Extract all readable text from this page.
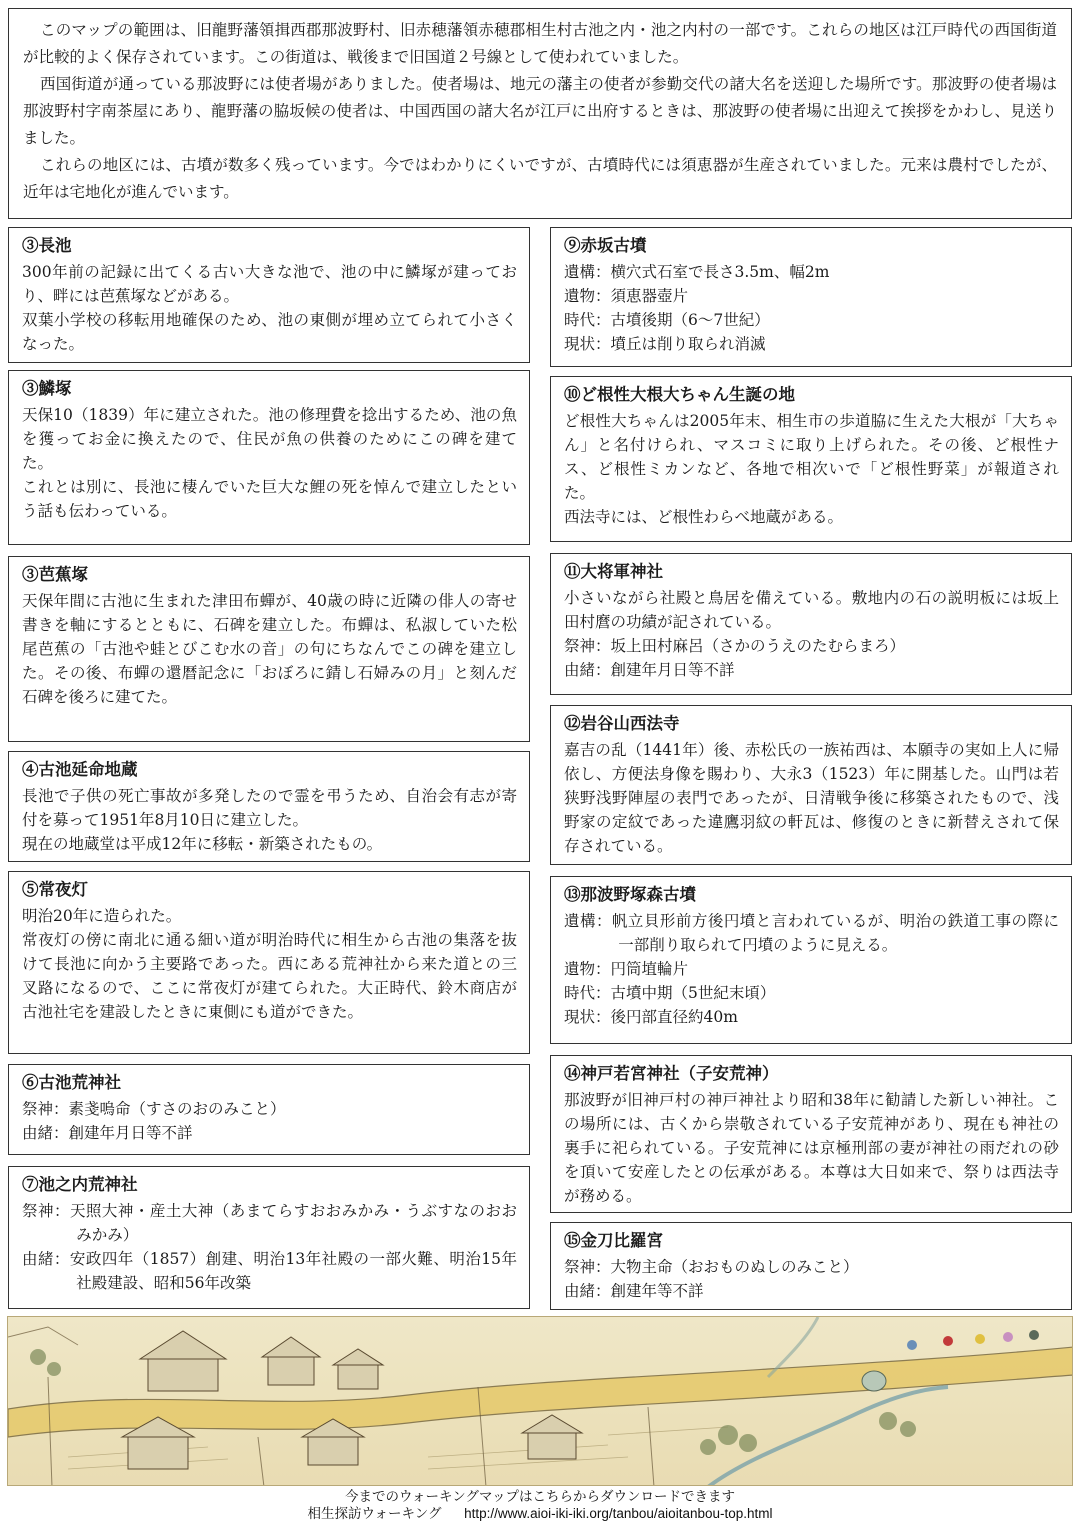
このマップの範囲は、旧龍野藩領揖西郡那波野村、旧赤穂藩領赤穂郡相生村古池之内・池之内村の一部です。これらの地区は江戸時代の西国街道が比較的よく保存されています。この街道は、戦後まで旧国道２号線として使われていました。

西国街道が通っている那波野には使者場がありました。使者場は、地元の藩主の使者が参勤交代の諸大名を送迎した場所です。那波野の使者場は那波野村字南茶屋にあり、龍野藩の脇坂候の使者は、中国西国の諸大名が江戸に出府するときは、那波野の使者場に出迎えて挨拶をかわし、見送りました。

これらの地区には、古墳が数多く残っています。今ではわかりにくいですが、古墳時代には須恵器が生産されていました。元来は農村でしたが、近年は宅地化が進んでいます。

③長池
300年前の記録に出てくる古い大きな池で、池の中に鱗塚が建っており、畔には芭蕉塚などがある。
双葉小学校の移転用地確保のため、池の東側が埋め立てられて小さくなった。
③鱗塚
天保10（1839）年に建立された。池の修理費を捻出するため、池の魚を獲ってお金に換えたので、住民が魚の供養のためにこの碑を建てた。
これとは別に、長池に棲んでいた巨大な鯉の死を悼んで建立したという話も伝わっている。
③芭蕉塚
天保年間に古池に生まれた津田布蟬が、40歳の時に近隣の俳人の寄せ書きを軸にするとともに、石碑を建立した。布蟬は、私淑していた松尾芭蕉の「古池や蛙とびこむ水の音」の句にちなんでこの碑を建立した。その後、布蟬の還暦記念に「おぼろに錆し石婦みの月」と刻んだ石碑を後ろに建てた。
④古池延命地蔵
長池で子供の死亡事故が多発したので霊を弔うため、自治会有志が寄付を募って1951年8月10日に建立した。
現在の地蔵堂は平成12年に移転・新築されたもの。
⑤常夜灯
明治20年に造られた。
常夜灯の傍に南北に通る細い道が明治時代に相生から古池の集落を抜けて長池に向かう主要路であった。西にある荒神社から来た道との三叉路になるので、ここに常夜灯が建てられた。大正時代、鈴木商店が古池社宅を建設したときに東側にも道ができた。
⑥古池荒神社
祭神：素戔嗚命（すさのおのみこと）
由緒：創建年月日等不詳
⑦池之内荒神社
祭神：天照大神・産土大神（あまてらすおおみかみ・うぶすなのおおみかみ）
由緒：安政四年（1857）創建、明治13年社殿の一部火難、明治15年社殿建設、昭和56年改築
⑨赤坂古墳
遺構：横穴式石室で長さ3.5m、幅2m
遺物：須恵器壺片
時代：古墳後期（6〜7世紀）
現状：墳丘は削り取られ消滅
⑩ど根性大根大ちゃん生誕の地
ど根性大ちゃんは2005年末、相生市の歩道脇に生えた大根が「大ちゃん」と名付けられ、マスコミに取り上げられた。その後、ど根性ナス、ど根性ミカンなど、各地で相次いで「ど根性野菜」が報道された。
西法寺には、ど根性わらべ地蔵がある。
⑪大将軍神社
小さいながら社殿と鳥居を備えている。敷地内の石の説明板には坂上田村麿の功績が記されている。
祭神：坂上田村麻呂（さかのうえのたむらまろ）
由緒：創建年月日等不詳
⑫岩谷山西法寺
嘉吉の乱（1441年）後、赤松氏の一族祐西は、本願寺の実如上人に帰依し、方便法身像を賜わり、大永3（1523）年に開基した。山門は若狭野浅野陣屋の表門であったが、日清戦争後に移築されたもので、浅野家の定紋であった違鷹羽紋の軒瓦は、修復のときに新替えされて保存されている。
⑬那波野塚森古墳
遺構：帆立貝形前方後円墳と言われているが、明治の鉄道工事の際に一部削り取られて円墳のように見える。
遺物：円筒埴輪片
時代：古墳中期（5世紀末頃）
現状：後円部直径約40m
⑭神戸若宮神社（子安荒神）
那波野が旧神戸村の神戸神社より昭和38年に勧請した新しい神社。この場所には、古くから崇敬されている子安荒神があり、現在も神社の裏手に祀られている。子安荒神には京極刑部の妻が神社の雨だれの砂を頂いて安産したとの伝承がある。本尊は大日如来で、祭りは西法寺が務める。
⑮金刀比羅宮
祭神：大物主命（おおものぬしのみこと）
由緒：創建年等不詳
今までのウォーキングマップはこちらからダウンロードできます
相生探訪ウォーキング http://www.aioi-iki-iki.org/tanbou/aioitanbou-top.html
